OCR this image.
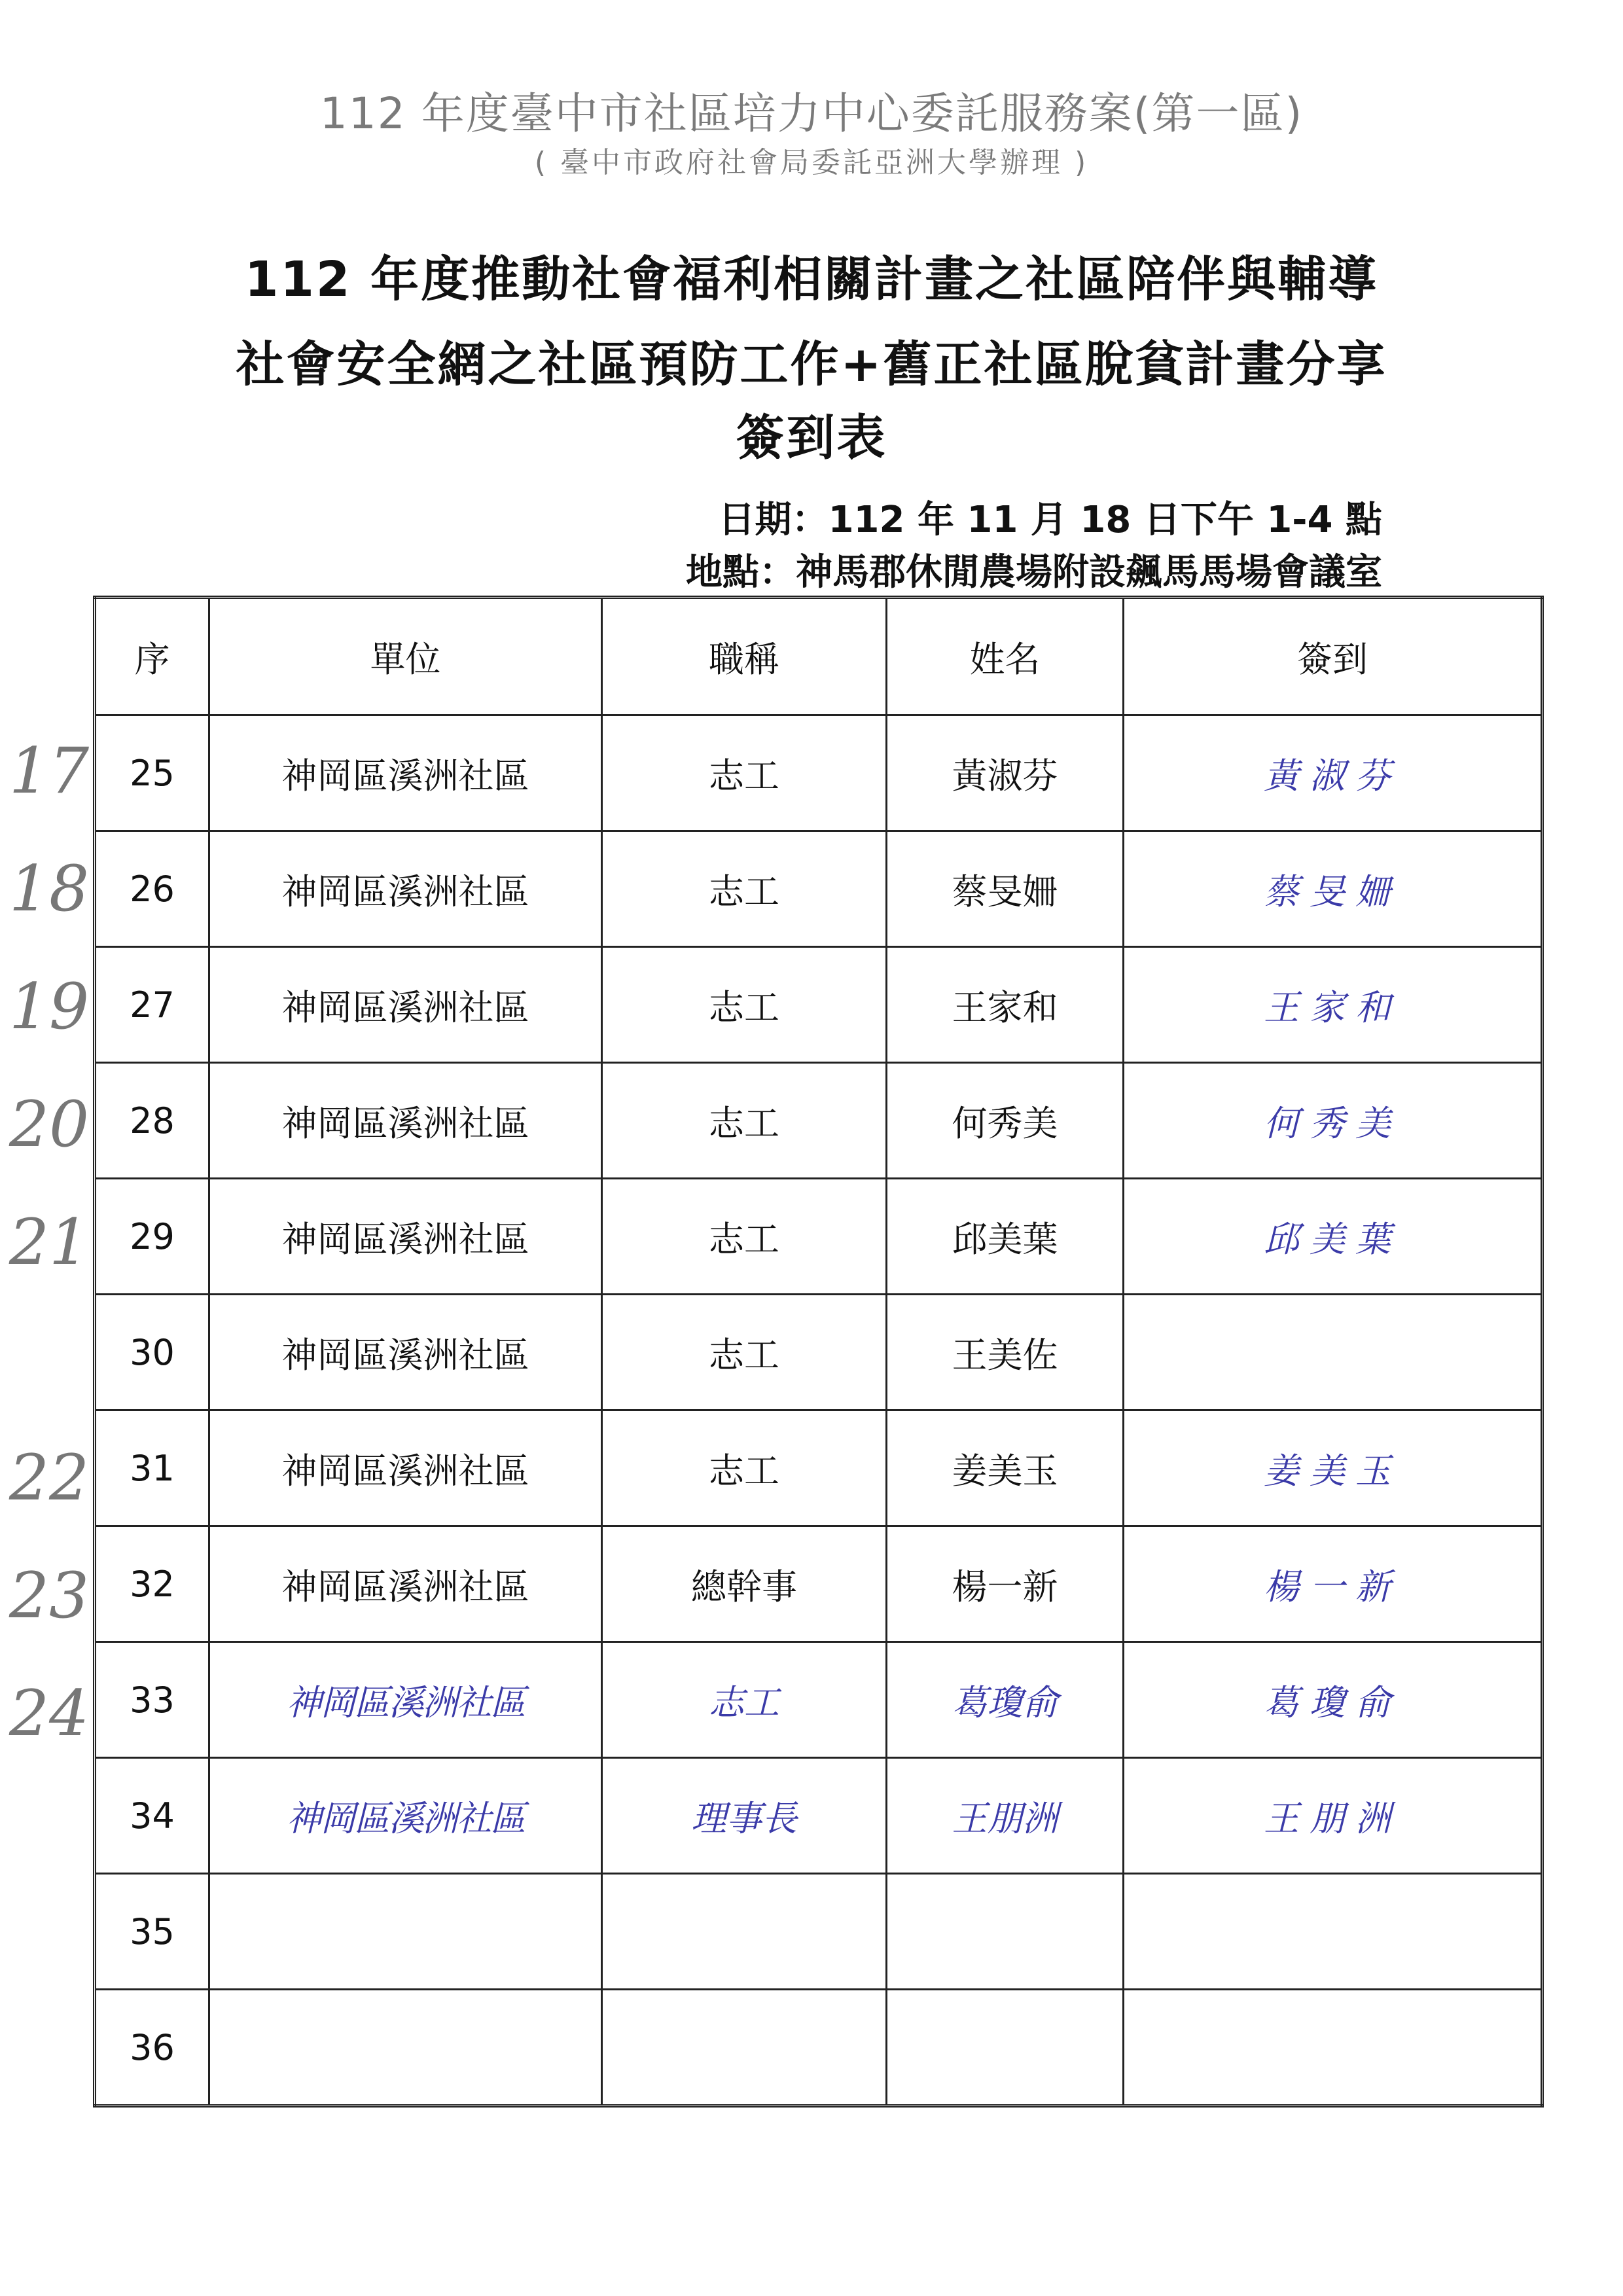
112 年度臺中市社區培力中心委託服務案(第一區)
( 臺中市政府社會局委託亞洲大學辦理 )
112 年度推動社會福利相關計畫之社區陪伴與輔導
社會安全網之社區預防工作+舊正社區脫貧計畫分享
簽到表
日期：112 年 11 月 18 日下午 1-4 點
地點：神馬郡休閒農場附設飆馬馬場會議室
序	單位	職稱	姓名	簽到
25	神岡區溪洲社區	志工	黃淑芬	黃淑芬
26	神岡區溪洲社區	志工	蔡旻姍	蔡旻姍
27	神岡區溪洲社區	志工	王家和	王家和
28	神岡區溪洲社區	志工	何秀美	何秀美
29	神岡區溪洲社區	志工	邱美葉	邱美葉
30	神岡區溪洲社區	志工	王美佐	
31	神岡區溪洲社區	志工	姜美玉	姜美玉
32	神岡區溪洲社區	總幹事	楊一新	楊一新
33	神岡區溪洲社區	志工	葛瓊俞	葛瓊俞
34	神岡區溪洲社區	理事長	王朋洲	王朋洲
35				
36				
17
18
19
20
21
22
23
24
